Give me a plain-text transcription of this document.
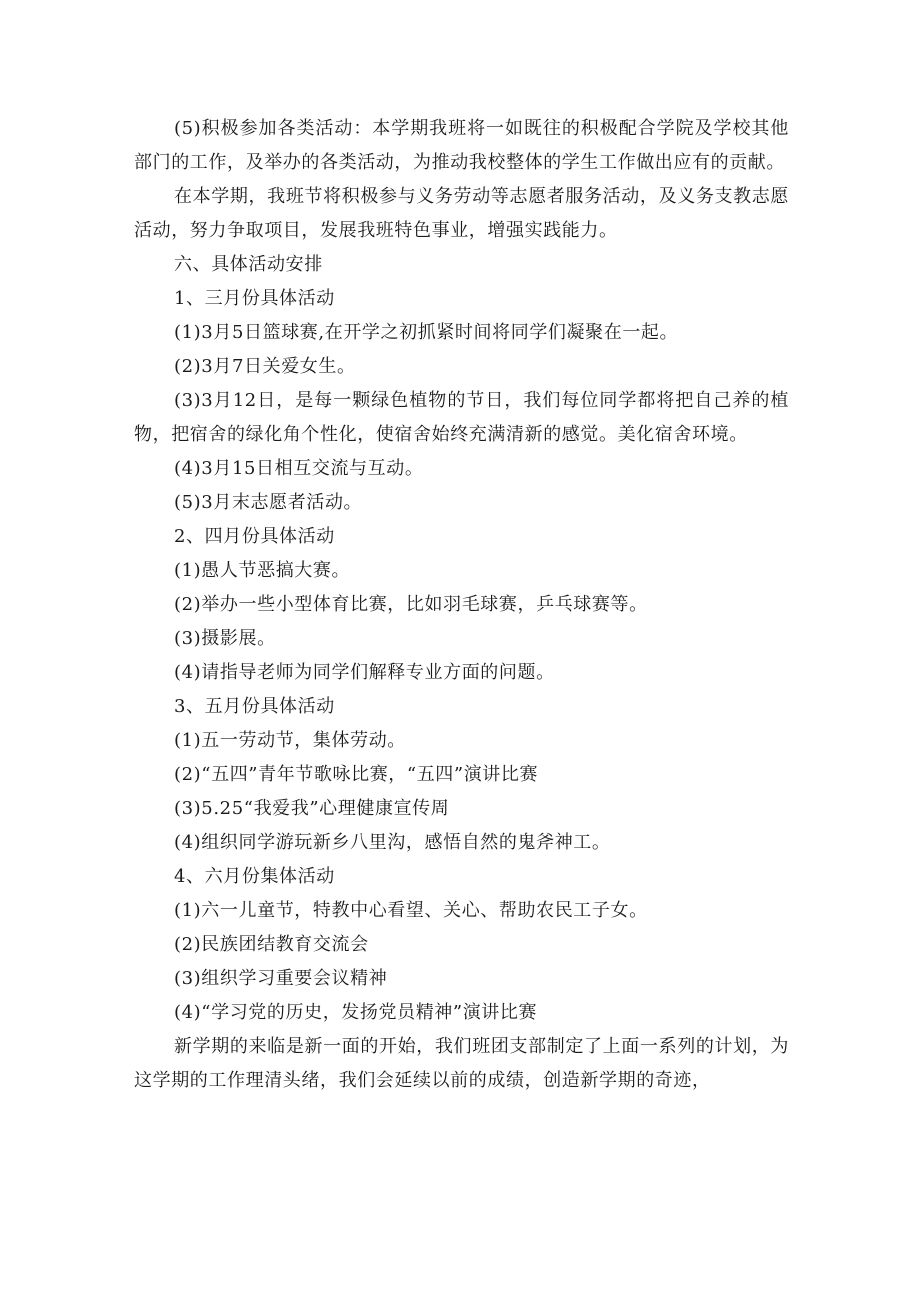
(5)积极参加各类活动：本学期我班将一如既往的积极配合学院及学校其他部门的工作，及举办的各类活动，为推动我校整体的学生工作做出应有的贡献。

在本学期，我班节将积极参与义务劳动等志愿者服务活动，及义务支教志愿活动，努力争取项目，发展我班特色事业，增强实践能力。

六、具体活动安排

1、三月份具体活动

(1)3月5日篮球赛,在开学之初抓紧时间将同学们凝聚在一起。

(2)3月7日关爱女生。

(3)3月12日，是每一颗绿色植物的节日，我们每位同学都将把自己养的植物，把宿舍的绿化角个性化，使宿舍始终充满清新的感觉。美化宿舍环境。

(4)3月15日相互交流与互动。

(5)3月末志愿者活动。

2、四月份具体活动

(1)愚人节恶搞大赛。

(2)举办一些小型体育比赛，比如羽毛球赛，乒乓球赛等。

(3)摄影展。

(4)请指导老师为同学们解释专业方面的问题。

3、五月份具体活动

(1)五一劳动节，集体劳动。

(2)“五四”青年节歌咏比赛，“五四”演讲比赛

(3)5.25“我爱我”心理健康宣传周

(4)组织同学游玩新乡八里沟，感悟自然的鬼斧神工。

4、六月份集体活动

(1)六一儿童节，特教中心看望、关心、帮助农民工子女。

(2)民族团结教育交流会

(3)组织学习重要会议精神

(4)“学习党的历史，发扬党员精神”演讲比赛

新学期的来临是新一面的开始，我们班团支部制定了上面一系列的计划，为这学期的工作理清头绪，我们会延续以前的成绩，创造新学期的奇迹，
